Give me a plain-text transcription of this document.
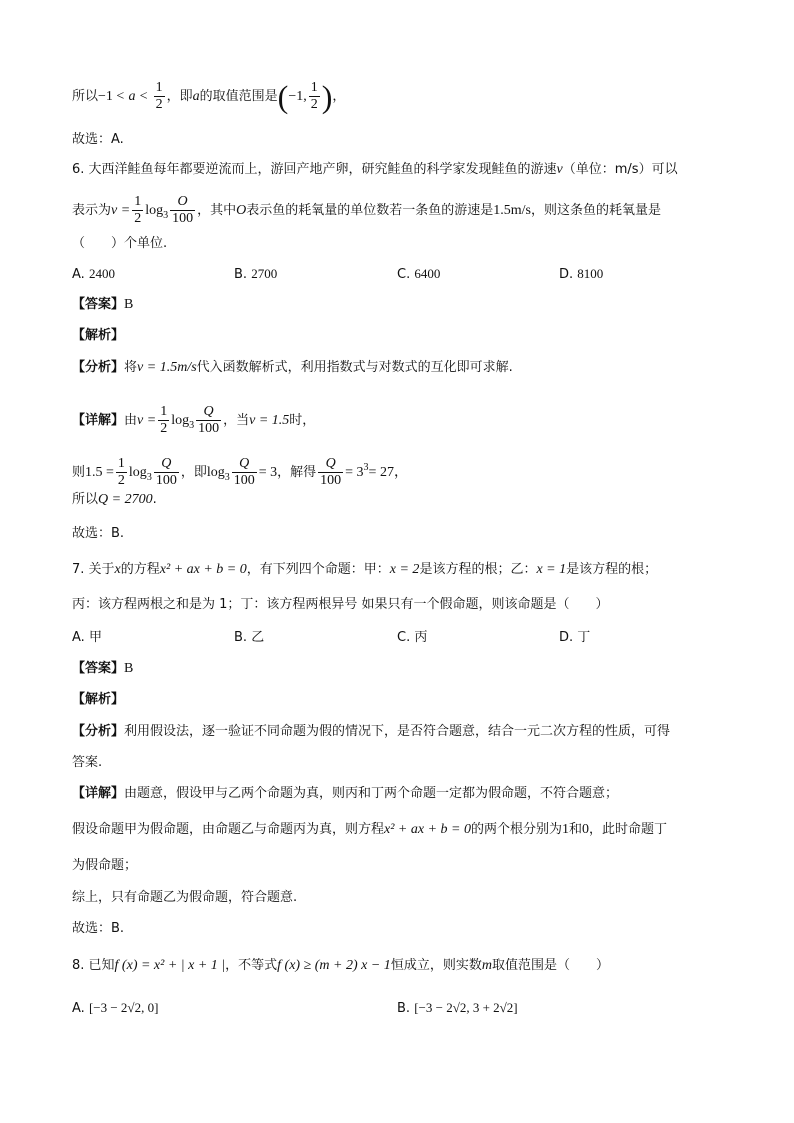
所以$-1 < a < \frac{1}{2}$ ，即a的取值范围是(−1, $\frac{1}{2}$ )，
故选：A.
6. 大西洋鲑鱼每年都要逆流而上，游回产地产卵，研究鲑鱼的科学家发现鲑鱼的游速v（单位：m/s）可以
表示为$v = \frac{1}{2} \log_3 \frac{O}{100}$ ，其中O表示鱼的耗氧量的单位数若一条鱼的游速是1.5m/s，则这条鱼的耗氧量是
（　　）个单位.
A. 2400	B. 2700	C. 6400	D. 8100
【答案】B
【解析】
【分析】将v = 1.5m/s代入函数解析式，利用指数式与对数式的互化即可求解.
【详解】由$v = \frac{1}{2} \log_3 \frac{Q}{100}$ ，当v = 1.5时，
则$1.5 = \frac{1}{2} \log_3 \frac{Q}{100}$ ，即$\log_3 \frac{Q}{100} = 3$，解得 $\frac{Q}{100} = 3^3= 27$，
所以Q = 2700.
故选：B.
7. 关于x的方程x² + ax + b = 0，有下列四个命题：甲：x = 2是该方程的根；乙：x = 1是该方程的根；
丙：该方程两根之和是为 1；丁：该方程两根异号 如果只有一个假命题，则该命题是（　　）
A. 甲	B. 乙	C. 丙	D. 丁
【答案】B
【解析】
【分析】利用假设法，逐一验证不同命题为假的情况下，是否符合题意，结合一元二次方程的性质，可得
答案.
【详解】由题意，假设甲与乙两个命题为真，则丙和丁两个命题一定都为假命题，不符合题意；
假设命题甲为假命题，由命题乙与命题丙为真，则方程x² + ax + b = 0的两个根分别为1和0，此时命题丁
为假命题；
综上，只有命题乙为假命题，符合题意.
故选：B.
8. 已知f (x) = x² + | x + 1 |，不等式f (x) ≥ (m + 2) x − 1恒成立，则实数m取值范围是（　　）
A. [−3 − 2√2, 0]	B. [−3 − 2√2, 3 + 2√2]
